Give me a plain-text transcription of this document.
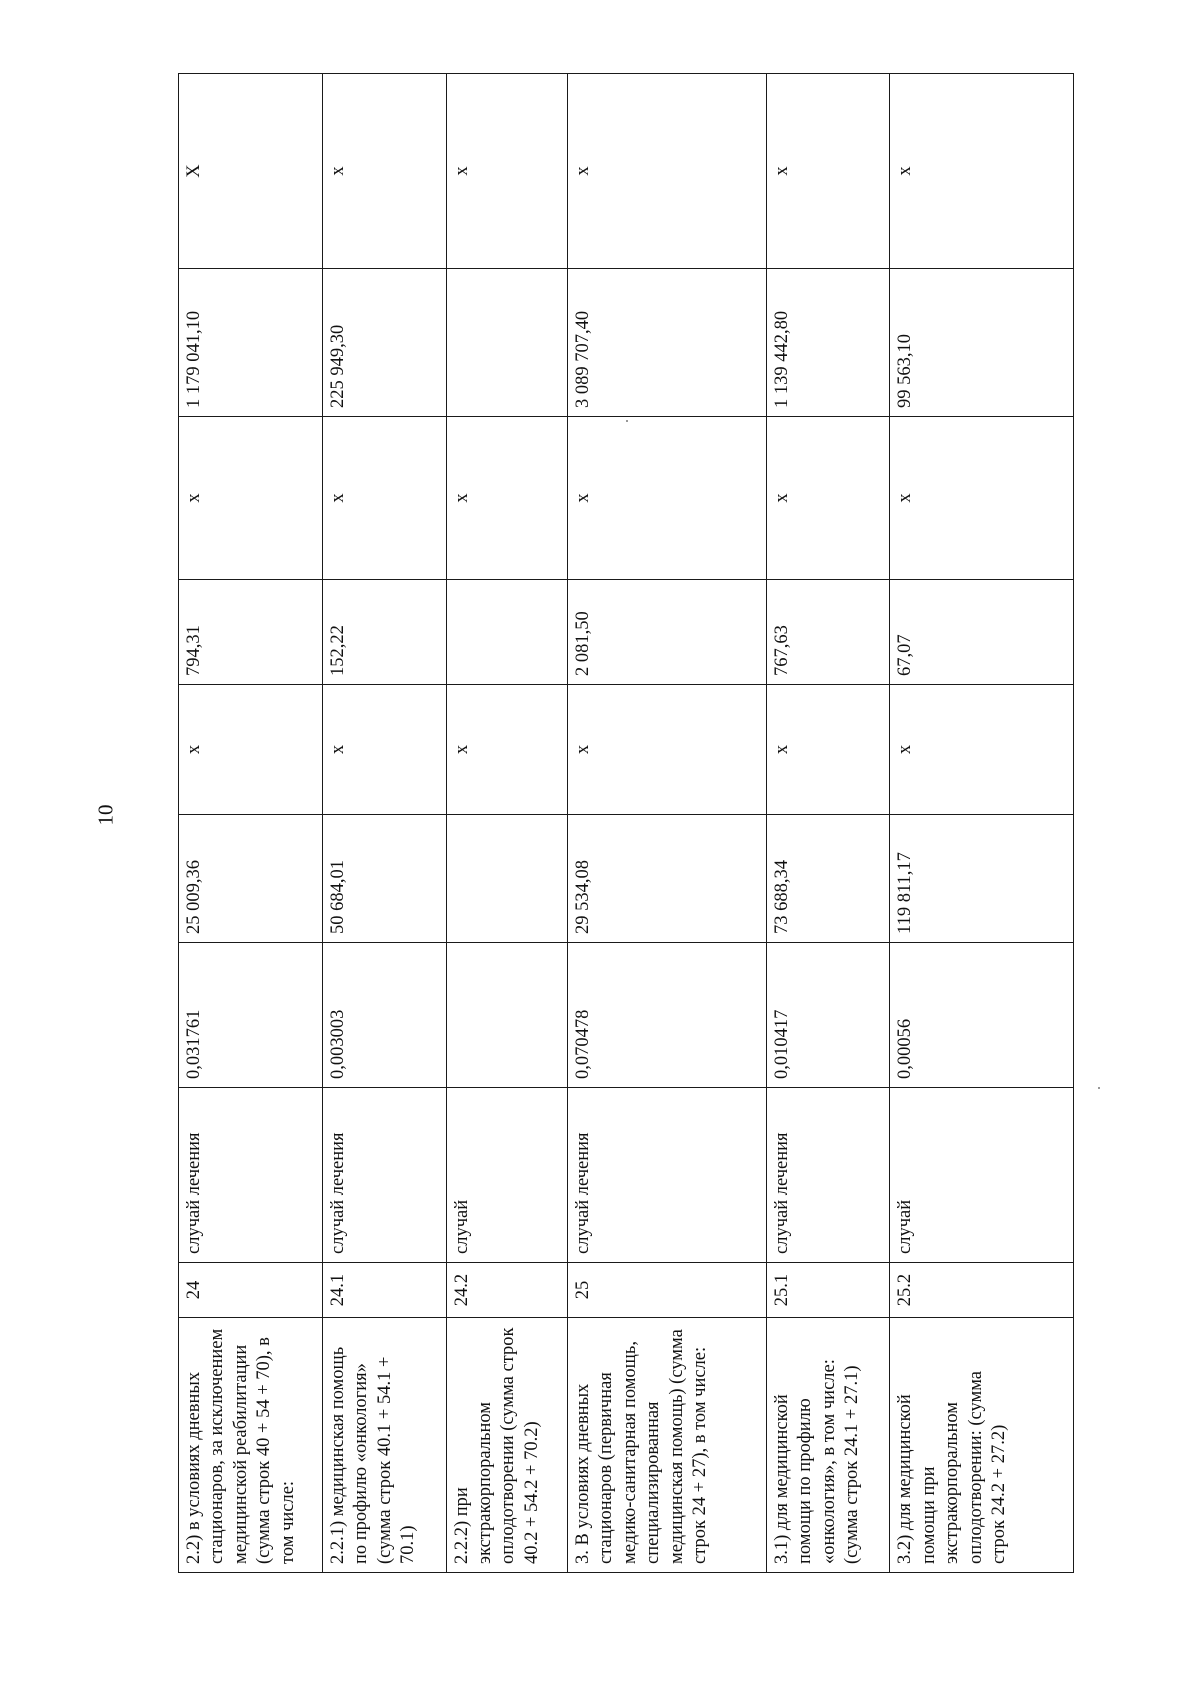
10
2.2) в условиях дневных стационаров, за исключением медицинской реабилитации (сумма строк 40 + 54 + 70), в том числе:	24	случай лечения	0,031761	25 009,36	х	794,31	х	1 179 041,10	Х
2.2.1) медицинская помощь по профилю «онкология» (сумма строк 40.1 + 54.1 + 70.1)	24.1	случай лечения	0,003003	50 684,01	х	152,22	х	225 949,30	х
2.2.2) при экстракорпоральном оплодотворении (сумма строк 40.2 + 54.2 + 70.2)	24.2	случай			х		х		х
3. В условиях дневных стационаров (первичная медико-санитарная помощь, специализированная медицинская помощь) (сумма строк 24 + 27), в том числе:	25	случай лечения	0,070478	29 534,08	х	2 081,50	х	3 089 707,40	х
3.1) для медицинской помощи по профилю «онкология», в том числе: (сумма строк 24.1 + 27.1)	25.1	случай лечения	0,010417	73 688,34	х	767,63	х	1 139 442,80	х
3.2) для медицинской помощи при экстракорпоральном оплодотворении: (сумма строк 24.2 + 27.2)	25.2	случай	0,00056	119 811,17	х	67,07	х	99 563,10	х
